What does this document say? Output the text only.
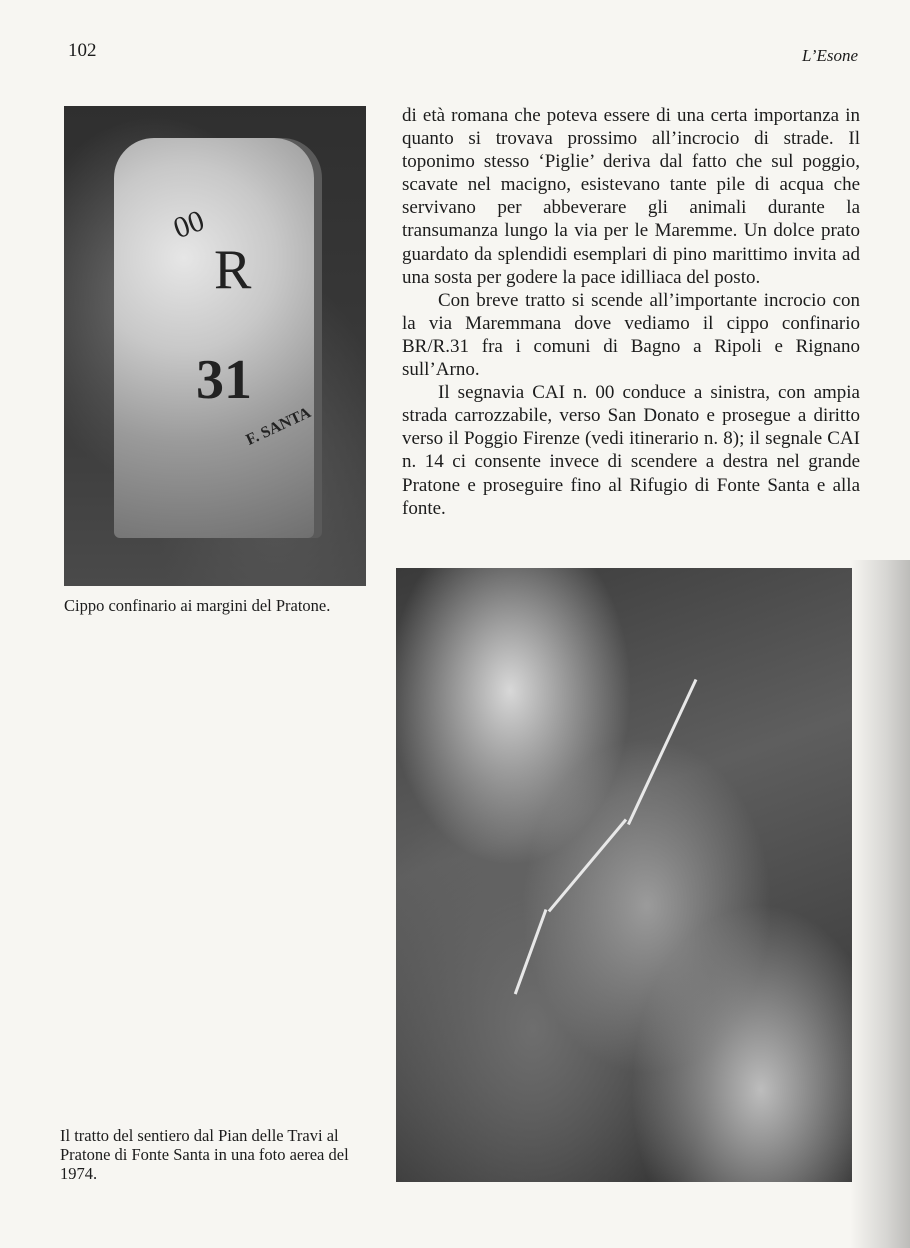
102	L’Esone
00
R
31
F. SANTA
Cippo confinario ai margini del Pratone.

di età romana che poteva essere di una certa importanza in quanto si trovava prossimo all’incrocio di strade. Il toponimo stesso ‘Piglie’ deriva dal fatto che sul poggio, scavate nel macigno, esistevano tante pile di acqua che servivano per abbeverare gli animali durante la transumanza lungo la via per le Maremme. Un dolce prato guardato da splendidi esemplari di pino marittimo invita ad una sosta per godere la pace idilliaca del posto.

Con breve tratto si scende all’importante incrocio con la via Maremmana dove vediamo il cippo confinario BR/R.31 fra i comuni di Bagno a Ripoli e Rignano sull’Arno.

Il segnavia CAI n. 00 conduce a sinistra, con ampia strada carrozzabile, verso San Donato e prosegue a diritto verso il Poggio Firenze (vedi itinerario n. 8); il segnale CAI n. 14 ci consente invece di scendere a destra nel grande Pratone e proseguire fino al Rifugio di Fonte Santa e alla fonte.

Il tratto del sentiero dal Pian delle Travi al Pratone di Fonte Santa in una foto aerea del 1974.
